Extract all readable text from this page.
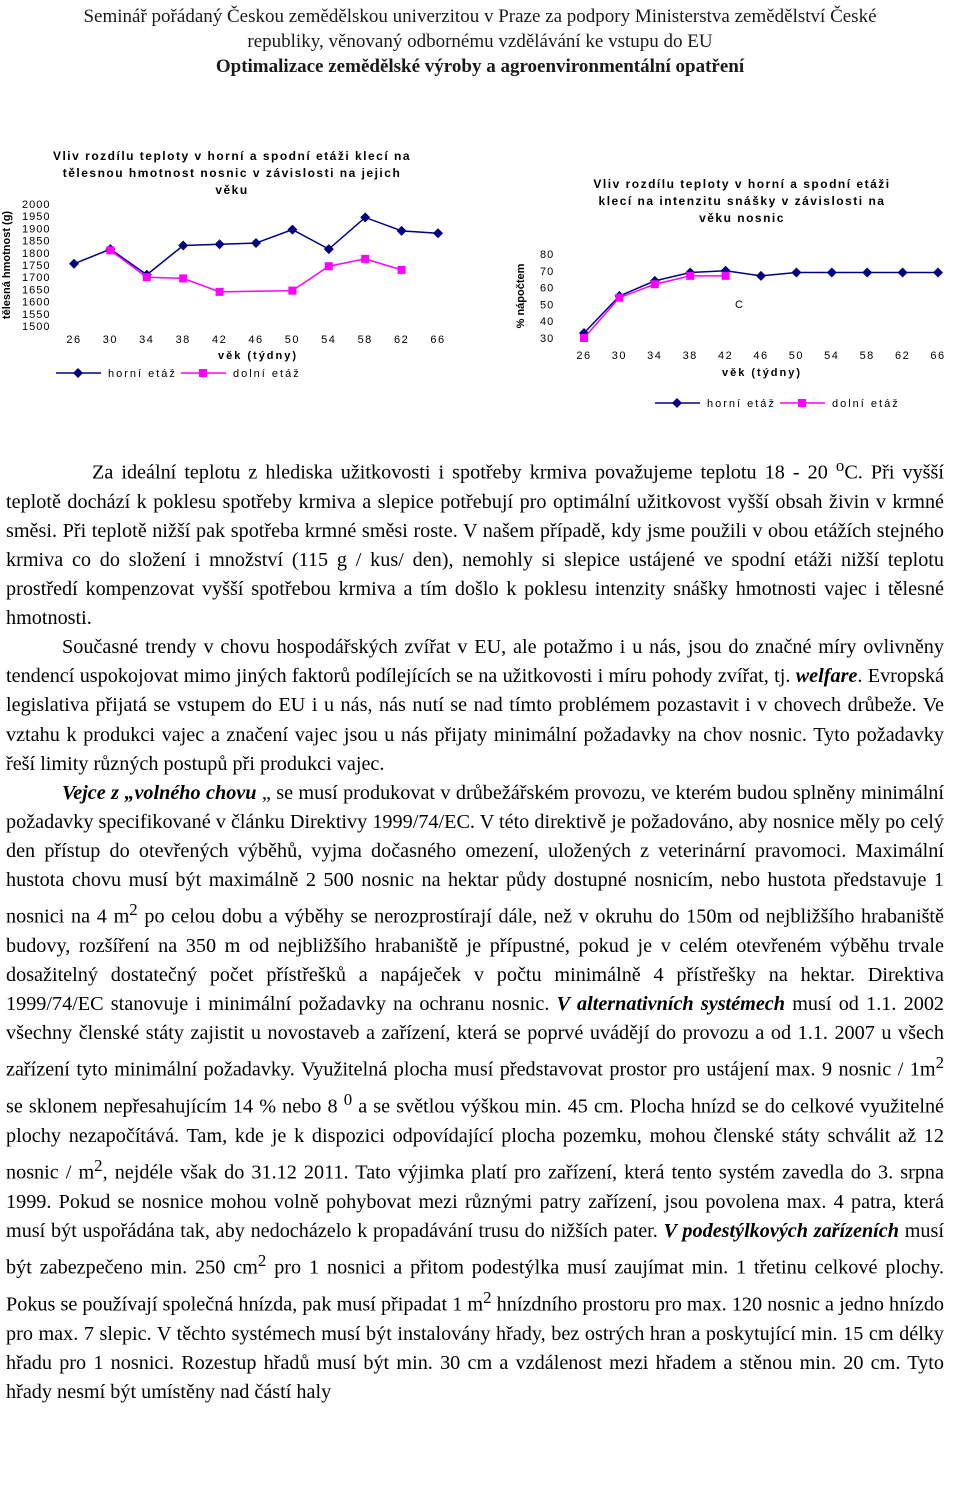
Seminář pořádaný Českou zemědělskou univerzitou v Praze za podpory Ministerstva zemědělství České
republiky, věnovaný odbornému vzdělávání ke vstupu do EU
Optimalizace zemědělské výroby a agroenvironmentální opatření
Vliv rozdílu teploty v horní a spodní etáži klecí na
tělesnou hmotnost nosnic v závislosti na jejich
věku
2000
1950
1900
1850
1800
1750
1700
1650
1600
1550
1500
26 30 34 38 42 46 50 54 58 62 66
věk (týdny)
tělesná hmotnost (g)
horní etáž	dolní etáž
Vliv rozdílu teploty v horní a spodní etáži
klecí na intenzitu snášky v závislosti na
věku nosnic
80
70
60
50
40
30
26 30 34 38 42 46 50 54 58 62 66
věk (týdny)
% nápočtem
horní etáž	dolní etáž
C

Za ideální teplotu z hlediska užitkovosti i spotřeby krmiva považujeme teplotu 18 - 20 $^o$C. Při vyšší teplotě dochází k poklesu spotřeby krmiva a slepice potřebují pro optimální užitkovost vyšší obsah živin v krmné směsi. Při teplotě nižší pak spotřeba krmné směsi roste. V našem případě, kdy jsme použili v obou etážích stejného krmiva co do složení i množství (115 g / kus/ den), nemohly si slepice ustájené ve spodní etáži nižší teplotu prostředí kompenzovat vyšší spotřebou krmiva a tím došlo k poklesu intenzity snášky hmotnosti vajec i tělesné hmotnosti.

Současné trendy v chovu hospodářských zvířat v EU, ale potažmo i u nás, jsou do značné míry ovlivněny tendencí uspokojovat mimo jiných faktorů podílejících se na užitkovosti i míru pohody zvířat, tj. welfare. Evropská legislativa přijatá se vstupem do EU i u nás, nás nutí se nad tímto problémem pozastavit i v chovech drůbeže. Ve vztahu k produkci vajec a značení vajec jsou u nás přijaty minimální požadavky na chov nosnic. Tyto požadavky řeší limity různých postupů při produkci vajec.

Vejce z „volného chovu „ se musí produkovat v drůbežářském provozu, ve kterém budou splněny minimální požadavky specifikované v článku Direktivy 1999/74/EC. V této direktivě je požadováno, aby nosnice měly po celý den přístup do otevřených výběhů, vyjma dočasného omezení, uložených z veterinární pravomoci. Maximální hustota chovu musí být maximálně 2 500 nosnic na hektar půdy dostupné nosnicím, nebo hustota představuje 1 nosnici na 4 $m^2$ po celou dobu a výběhy se nerozprostírají dále, než v okruhu do 150m od nejbližšího hrabaniště budovy, rozšíření na 350 m od nejbližšího hrabaniště je přípustné, pokud je v celém otevřeném výběhu trvale dosažitelný dostatečný počet přístřešků a napáječek v počtu minimálně 4 přístřešky na hektar. Direktiva 1999/74/EC stanovuje i minimální požadavky na ochranu nosnic. V alternativních systémech musí od 1.1. 2002 všechny členské státy zajistit u novostaveb a zařízení, která se poprvé uvádějí do provozu a od 1.1. 2007 u všech zařízení tyto minimální požadavky. Využitelná plocha musí představovat prostor pro ustájení max. 9 nosnic / $1m^2$ se sklonem nepřesahujícím 14 % nebo 8 $^0$ a se světlou výškou min. 45 cm. Plocha hnízd se do celkové využitelné plochy nezapočítává. Tam, kde je k dispozici odpovídající plocha pozemku, mohou členské státy schválit až 12 nosnic / $m^2$, nejdéle však do 31.12 2011. Tato výjimka platí pro zařízení, která tento systém zavedla do 3. srpna 1999. Pokud se nosnice mohou volně pohybovat mezi různými patry zařízení, jsou povolena max. 4 patra, která musí být uspořádána tak, aby nedocházelo k propadávání trusu do nižších pater. V podestýlkových zařízeních musí být zabezpečeno min. 250 $cm^2$ pro 1 nosnici a přitom podestýlka musí zaujímat min. 1 třetinu celkové plochy. Pokus se používají společná hnízda, pak musí připadat 1 $m^2$ hnízdního prostoru pro max. 120 nosnic a jedno hnízdo pro max. 7 slepic. V těchto systémech musí být instalovány hřady, bez ostrých hran a poskytující min. 15 cm délky hřadu pro 1 nosnici. Rozestup hřadů musí být min. 30 cm a vzdálenost mezi hřadem a stěnou min. 20 cm. Tyto hřady nesmí být umístěny nad částí haly
